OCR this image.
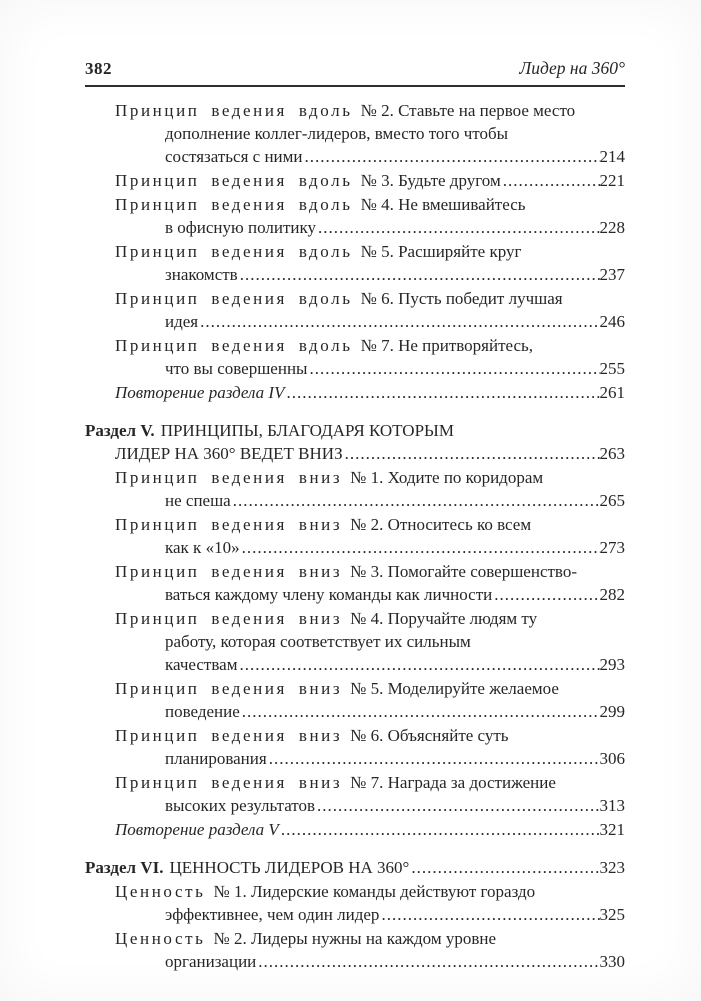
382	Лидер на 360°
Принцип ведения вдоль № 2. Ставьте на первое место
дополнение коллег-лидеров, вместо того чтобы
состязаться с ними .....	214
Принцип ведения вдоль № 3. Будьте другом .....	221
Принцип ведения вдоль № 4. Не вмешивайтесь
в офисную политику .....	228
Принцип ведения вдоль № 5. Расширяйте круг
знакомств .....	237
Принцип ведения вдоль № 6. Пусть победит лучшая
идея .....	246
Принцип ведения вдоль № 7. Не притворяйтесь,
что вы совершенны .....	255
Повторение раздела IV .....	261
Раздел V. ПРИНЦИПЫ, БЛАГОДАРЯ КОТОРЫМ
ЛИДЕР НА 360° ВЕДЕТ ВНИЗ .....	263
Принцип ведения вниз № 1. Ходите по коридорам
не спеша .....	265
Принцип ведения вниз № 2. Относитесь ко всем
как к «10» .....	273
Принцип ведения вниз № 3. Помогайте совершенство-
ваться каждому члену команды как личности .....	282
Принцип ведения вниз № 4. Поручайте людям ту
работу, которая соответствует их сильным
качествам .....	293
Принцип ведения вниз № 5. Моделируйте желаемое
поведение .....	299
Принцип ведения вниз № 6. Объясняйте суть
планирования .....	306
Принцип ведения вниз № 7. Награда за достижение
высоких результатов .....	313
Повторение раздела V .....	321
Раздел VI. ЦЕННОСТЬ ЛИДЕРОВ НА 360° .....	323
Ценность № 1. Лидерские команды действуют гораздо
эффективнее, чем один лидер .....	325
Ценность № 2. Лидеры нужны на каждом уровне
организации .....	330
